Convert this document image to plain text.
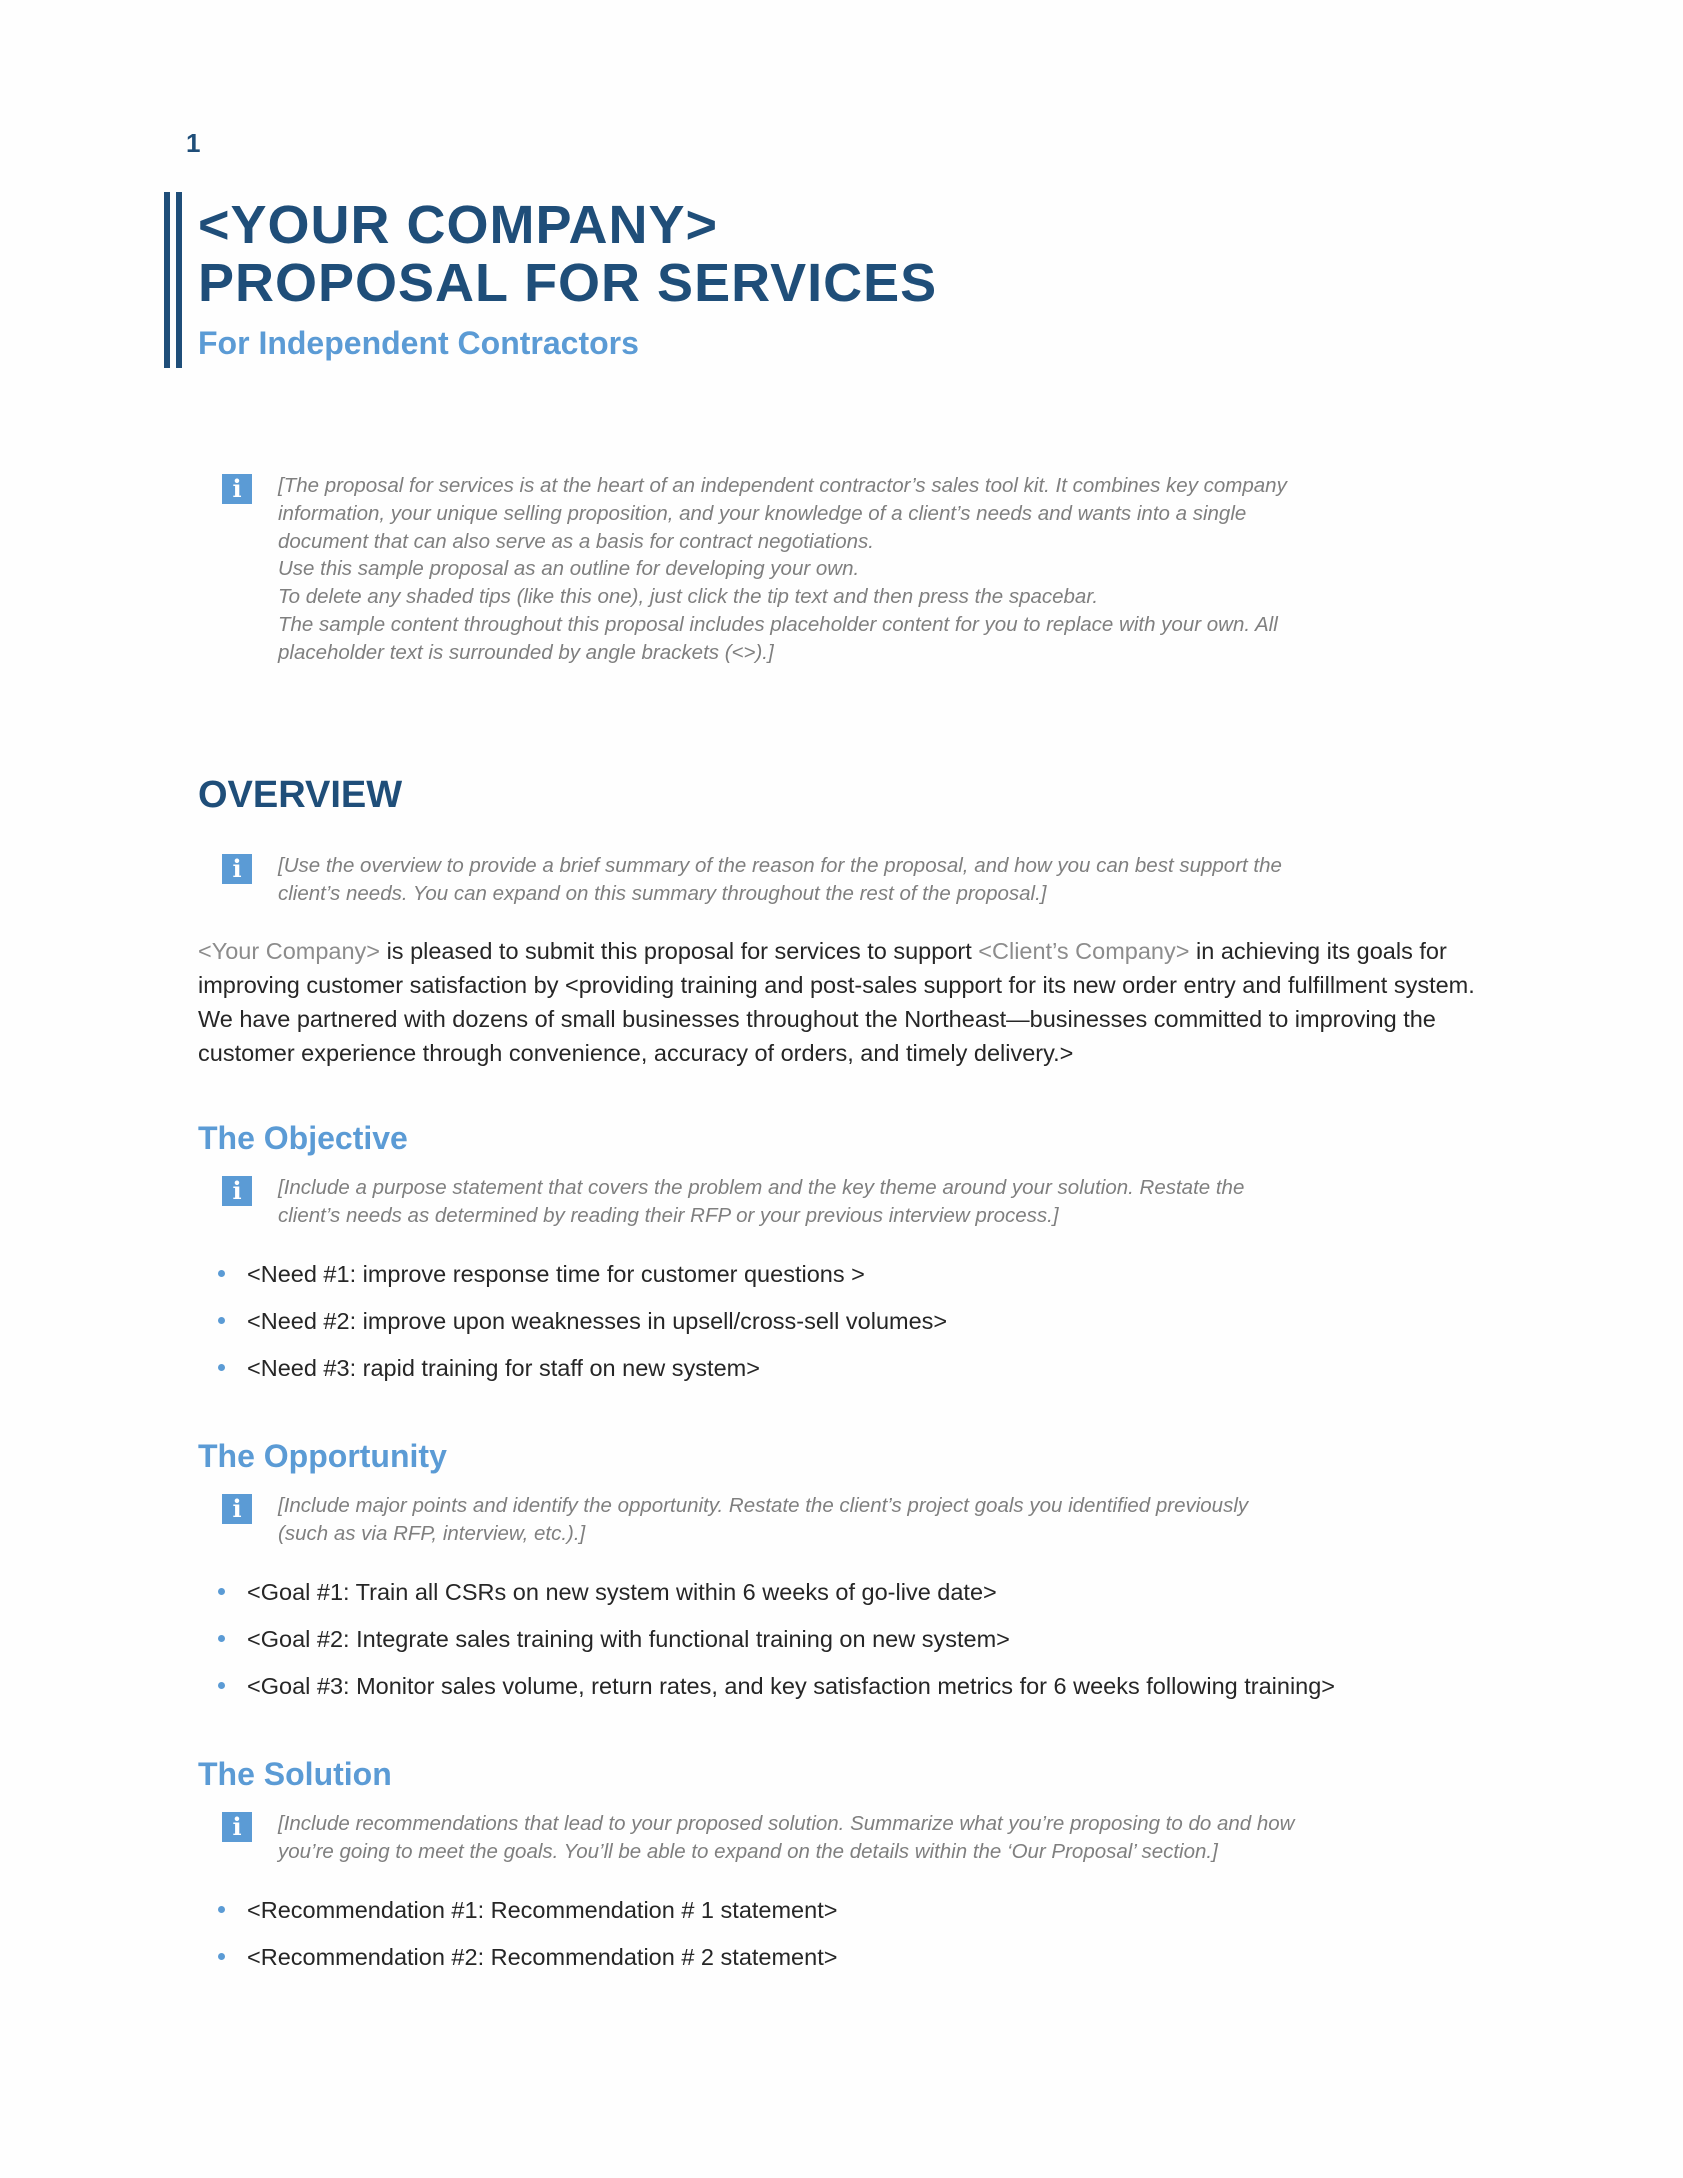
1
<YOUR COMPANY>
PROPOSAL FOR SERVICES
For Independent Contractors
i	[The proposal for services is at the heart of an independent contractor’s sales tool kit. It combines key company

information, your unique selling proposition, and your knowledge of a client’s needs and wants into a single

document that can also serve as a basis for contract negotiations.

Use this sample proposal as an outline for developing your own.

To delete any shaded tips (like this one), just click the tip text and then press the spacebar.

The sample content throughout this proposal includes placeholder content for you to replace with your own. All

placeholder text is surrounded by angle brackets (<>).]

OVERVIEW
i	[Use the overview to provide a brief summary of the reason for the proposal, and how you can best support the

client’s needs. You can expand on this summary throughout the rest of the proposal.]

<Your Company> is pleased to submit this proposal for services to support <Client’s Company> in achieving its goals for improving customer satisfaction by <providing training and post-sales support for its new order entry and fulfillment system. We have partnered with dozens of small businesses throughout the Northeast—businesses committed to improving the customer experience through convenience, accuracy of orders, and timely delivery.>

The Objective
i	[Include a purpose statement that covers the problem and the key theme around your solution. Restate the

client’s needs as determined by reading their RFP or your previous interview process.]

<Need #1: improve response time for customer questions >
<Need #2: improve upon weaknesses in upsell/cross-sell volumes>
<Need #3: rapid training for staff on new system>
The Opportunity
i	[Include major points and identify the opportunity. Restate the client’s project goals you identified previously

(such as via RFP, interview, etc.).]

<Goal #1: Train all CSRs on new system within 6 weeks of go-live date>
<Goal #2: Integrate sales training with functional training on new system>
<Goal #3: Monitor sales volume, return rates, and key satisfaction metrics for 6 weeks following training>
The Solution
i	[Include recommendations that lead to your proposed solution. Summarize what you’re proposing to do and how

you’re going to meet the goals. You’ll be able to expand on the details within the ‘Our Proposal’ section.]

<Recommendation #1: Recommendation # 1 statement>
<Recommendation #2: Recommendation # 2 statement>
